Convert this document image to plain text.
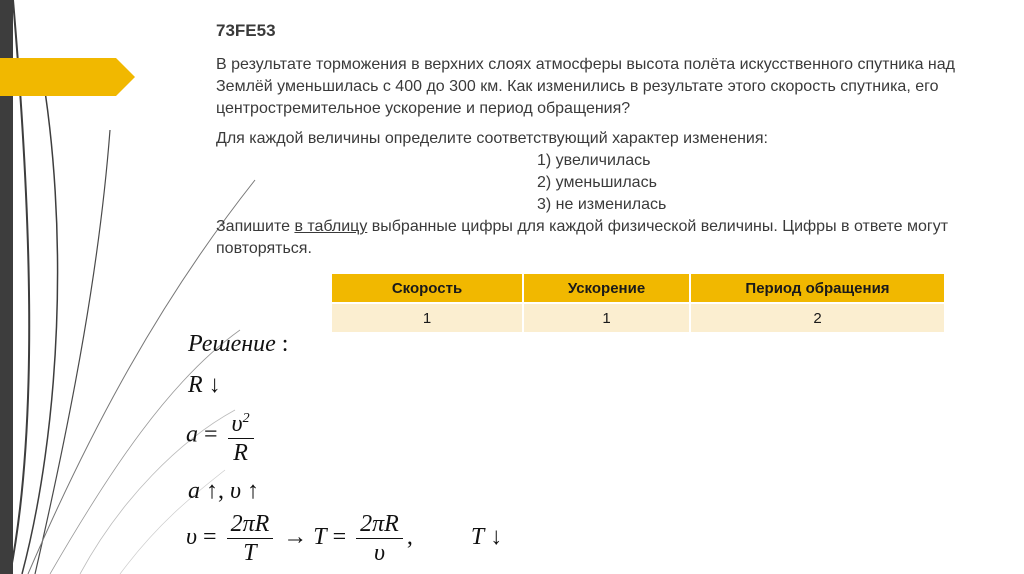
73FE53

В результате торможения в верхних слоях атмосферы высота полёта искусственного спутника над Землёй уменьшилась с 400 до 300 км. Как изменились в результате этого скорость спутника, его центростремительное ускорение и период обращения?

Для каждой величины определите соответствующий характер изменения:

1) увеличилась
2) уменьшилась
3) не изменилась

Запишите в таблицу выбранные цифры для каждой физической величины. Цифры в ответе могут повторяться.

Скорость	Ускорение	Период обращения
1	1	2
Решение :
R ↓
$a = \frac{\upsilon^2}{R}$
a ↑, υ ↑
$\upsilon = \frac{2\pi R}{T} \to T = \frac{2\pi R}{\upsilon}$ , T ↓
